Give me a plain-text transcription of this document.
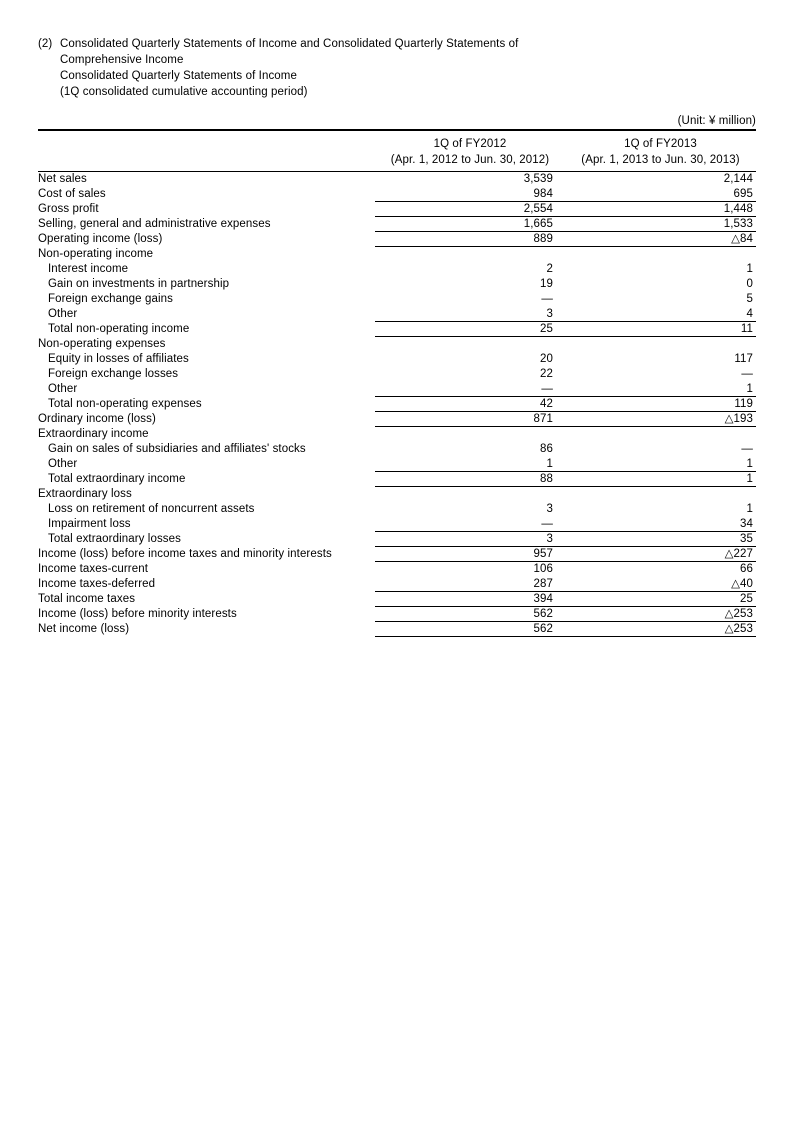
(2) Consolidated Quarterly Statements of Income and Consolidated Quarterly Statements of
Comprehensive Income
Consolidated Quarterly Statements of Income
(1Q consolidated cumulative accounting period)
(Unit: ¥ million)
1Q of FY2012
(Apr. 1, 2012 to Jun. 30, 2012)
1Q of FY2013
(Apr. 1, 2013 to Jun. 30, 2013)
Net sales	3,539	2,144
Cost of sales	984	695
Gross profit	2,554	1,448
Selling, general and administrative expenses	1,665	1,533
Operating income (loss)	889	△84
Non-operating income
Interest income	2	1
Gain on investments in partnership	19	0
Foreign exchange gains	—	5
Other	3	4
Total non-operating income	25	11
Non-operating expenses
Equity in losses of affiliates	20	117
Foreign exchange losses	22	—
Other	—	1
Total non-operating expenses	42	119
Ordinary income (loss)	871	△193
Extraordinary income
Gain on sales of subsidiaries and affiliates' stocks	86	—
Other	1	1
Total extraordinary income	88	1
Extraordinary loss
Loss on retirement of noncurrent assets	3	1
Impairment loss	—	34
Total extraordinary losses	3	35
Income (loss) before income taxes and minority interests	957	△227
Income taxes-current	106	66
Income taxes-deferred	287	△40
Total income taxes	394	25
Income (loss) before minority interests	562	△253
Net income (loss)	562	△253
